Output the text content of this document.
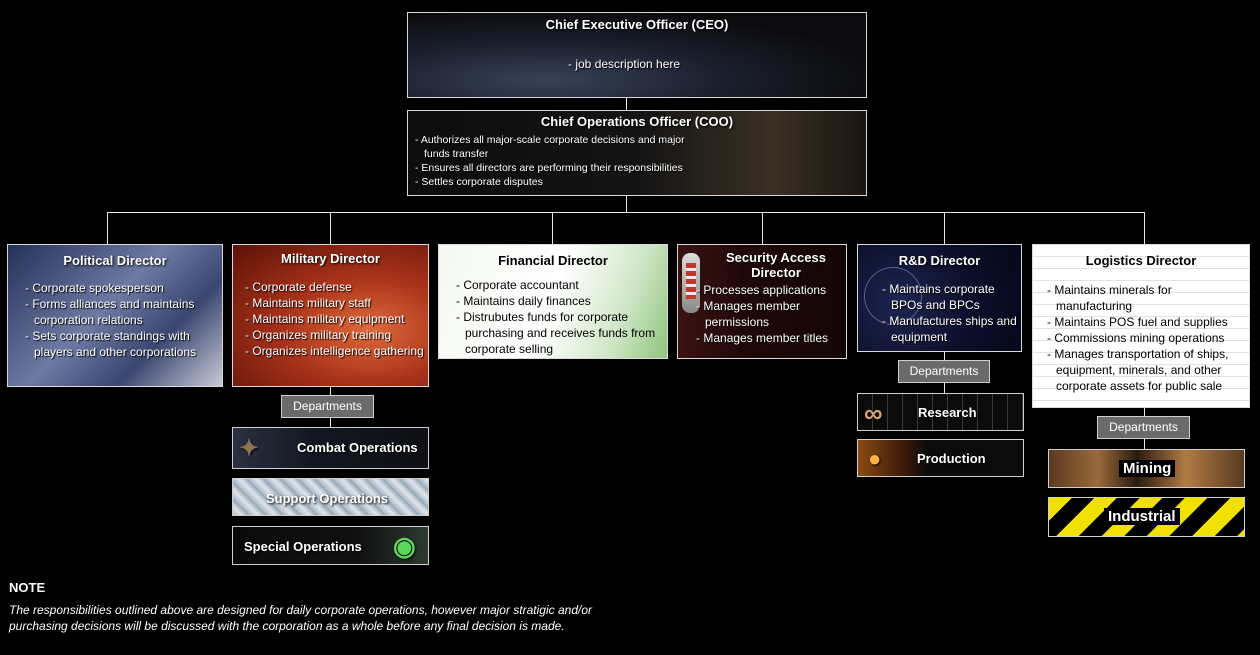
Chief Executive Officer (CEO)
- job description here
Chief Operations Officer (COO)
- Authorizes all major-scale corporate decisions and major funds transfer
- Ensures all directors are performing their responsibilities
- Settles corporate disputes
Political Director
- Corporate spokesperson
- Forms alliances and maintains corporation relations
- Sets corporate standings with players and other corporations
Military Director
- Corporate defense
- Maintains military staff
- Maintains military equipment
- Organizes military training
- Organizes intelligence gathering
Departments
✦	Combat Operations
Support Operations
Special Operations ◉
Financial Director
- Corporate accountant
- Maintains daily finances
- Distrubutes funds for corporate purchasing and receives funds from corporate selling
Security Access Director
- Processes applications
- Manages member permissions
- Manages member titles
R&D Director
- Maintains corporate BPOs and BPCs
- Manufactures ships and equipment
Departments
∞	Research
●	Production
Logistics Director
- Maintains minerals for manufacturing
- Maintains POS fuel and supplies
- Commissions mining operations
- Manages transportation of ships, equipment, minerals, and other corporate assets for public sale
Departments
Mining
Industrial
NOTE
The responsibilities outlined above are designed for daily corporate operations, however major stratigic and/or purchasing decisions will be discussed with the corporation as a whole before any final decision is made.
